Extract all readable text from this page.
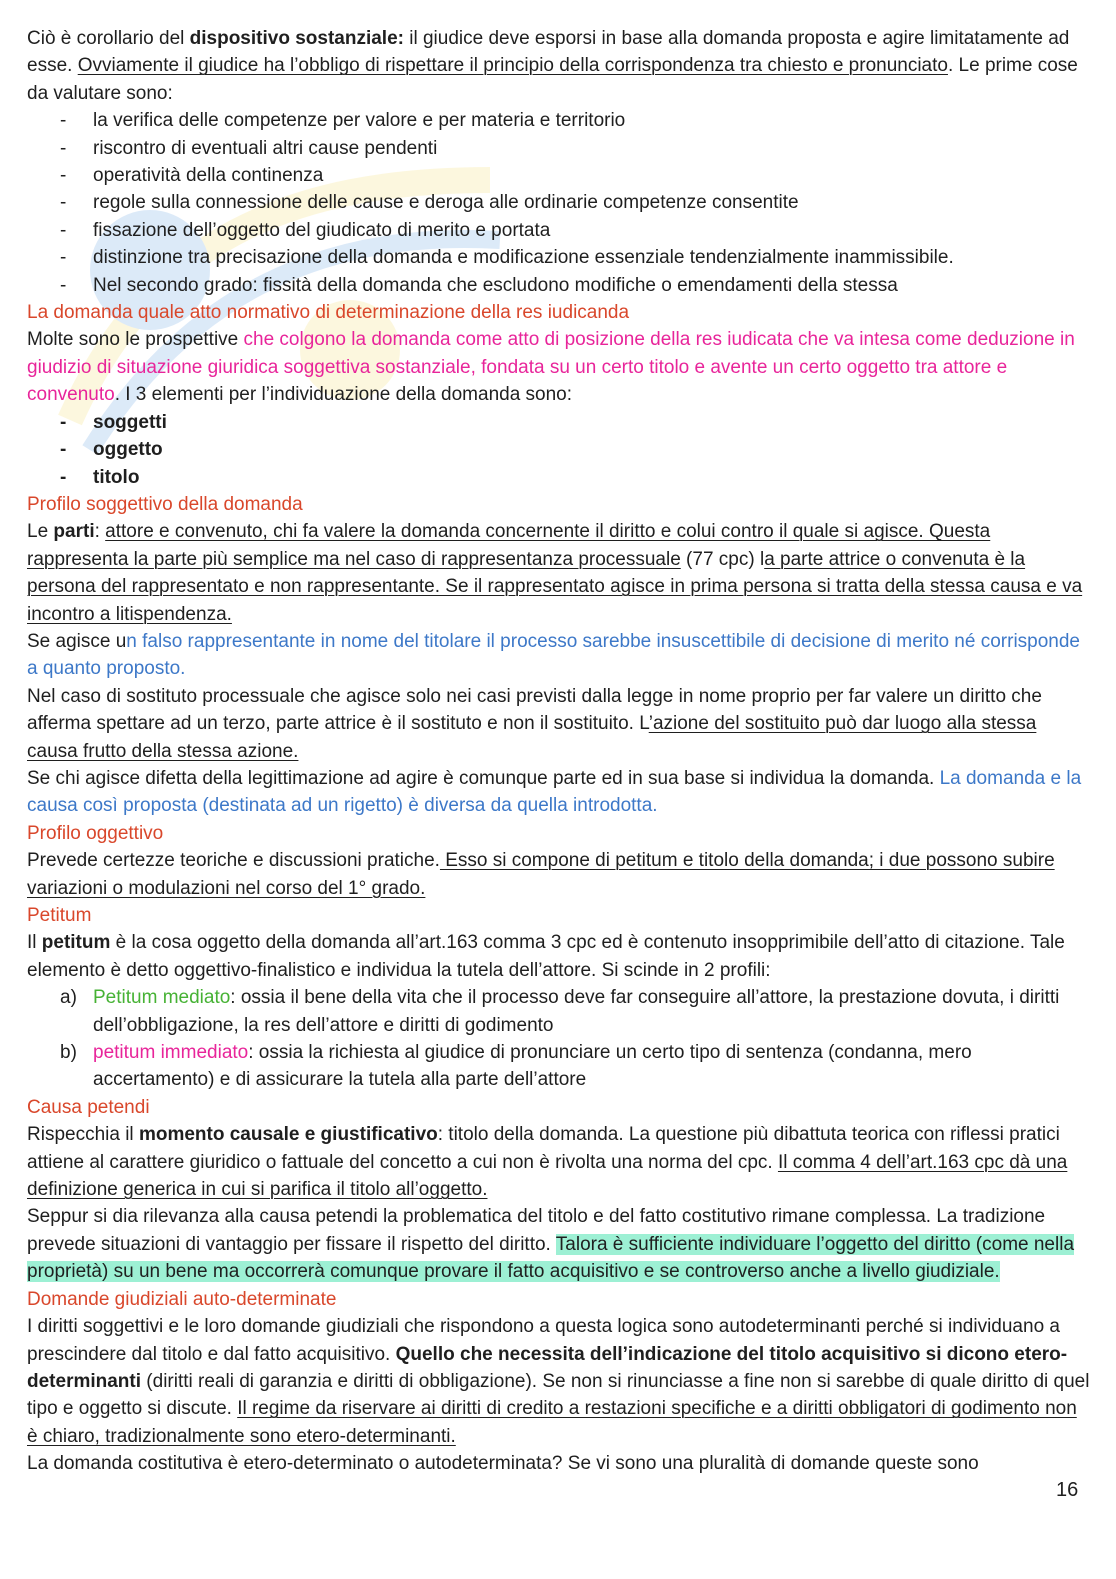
Ciò è corollario del dispositivo sostanziale: il giudice deve esporsi in base alla domanda proposta e agire limitatamente ad esse. Ovviamente il giudice ha l’obbligo di rispettare il principio della corrispondenza tra chiesto e pronunciato. Le prime cose da valutare sono:

- la verifica delle competenze per valore e per materia e territorio
- riscontro di eventuali altri cause pendenti
- operatività della continenza
- regole sulla connessione delle cause e deroga alle ordinarie competenze consentite
- fissazione dell’oggetto del giudicato di merito e portata
- distinzione tra precisazione della domanda e modificazione essenziale tendenzialmente inammissibile.
- Nel secondo grado: fissità della domanda che escludono modifiche o emendamenti della stessa

La domanda quale atto normativo di determinazione della res iudicanda

Molte sono le prospettive che colgono la domanda come atto di posizione della res iudicata che va intesa come deduzione in giudizio di situazione giuridica soggettiva sostanziale, fondata su un certo titolo e avente un certo oggetto tra attore e convenuto. I 3 elementi per l’individuazione della domanda sono:

- soggetti
- oggetto
- titolo

Profilo soggettivo della domanda

Le parti: attore e convenuto, chi fa valere la domanda concernente il diritto e colui contro il quale si agisce. Questa rappresenta la parte più semplice ma nel caso di rappresentanza processuale (77 cpc) la parte attrice o convenuta è la persona del rappresentato e non rappresentante. Se il rappresentato agisce in prima persona si tratta della stessa causa e va incontro a litispendenza.

Se agisce un falso rappresentante in nome del titolare il processo sarebbe insuscettibile di decisione di merito né corrisponde a quanto proposto.

Nel caso di sostituto processuale che agisce solo nei casi previsti dalla legge in nome proprio per far valere un diritto che afferma spettare ad un terzo, parte attrice è il sostituto e non il sostituito. L’azione del sostituito può dar luogo alla stessa causa frutto della stessa azione.

Se chi agisce difetta della legittimazione ad agire è comunque parte ed in sua base si individua la domanda. La domanda e la causa così proposta (destinata ad un rigetto) è diversa da quella introdotta.

Profilo oggettivo

Prevede certezze teoriche e discussioni pratiche. Esso si compone di petitum e titolo della domanda; i due possono subire variazioni o modulazioni nel corso del 1° grado.

Petitum

Il petitum è la cosa oggetto della domanda all’art.163 comma 3 cpc ed è contenuto insopprimibile dell’atto di citazione. Tale elemento è detto oggettivo-finalistico e individua la tutela dell’attore. Si scinde in 2 profili:

a) Petitum mediato: ossia il bene della vita che il processo deve far conseguire all’attore, la prestazione dovuta, i diritti dell’obbligazione, la res dell’attore e diritti di godimento
b) petitum immediato: ossia la richiesta al giudice di pronunciare un certo tipo di sentenza (condanna, mero accertamento) e di assicurare la tutela alla parte dell’attore

Causa petendi

Rispecchia il momento causale e giustificativo: titolo della domanda. La questione più dibattuta teorica con riflessi pratici attiene al carattere giuridico o fattuale del concetto a cui non è rivolta una norma del cpc. Il comma 4 dell’art.163 cpc dà una definizione generica in cui si parifica il titolo all’oggetto.

Seppur si dia rilevanza alla causa petendi la problematica del titolo e del fatto costitutivo rimane complessa. La tradizione prevede situazioni di vantaggio per fissare il rispetto del diritto. Talora è sufficiente individuare l’oggetto del diritto (come nella proprietà) su un bene ma occorrerà comunque provare il fatto acquisitivo e se controverso anche a livello giudiziale.

Domande giudiziali auto-determinate

I diritti soggettivi e le loro domande giudiziali che rispondono a questa logica sono autodeterminanti perché si individuano a prescindere dal titolo e dal fatto acquisitivo. Quello che necessita dell’indicazione del titolo acquisitivo si dicono etero-determinanti (diritti reali di garanzia e diritti di obbligazione). Se non si rinunciasse a fine non si sarebbe di quale diritto di quel tipo e oggetto si discute. Il regime da riservare ai diritti di credito a restazioni specifiche e a diritti obbligatori di godimento non è chiaro, tradizionalmente sono etero-determinanti.

La domanda costitutiva è etero-determinato o autodeterminata? Se vi sono una pluralità di domande queste sono

16
